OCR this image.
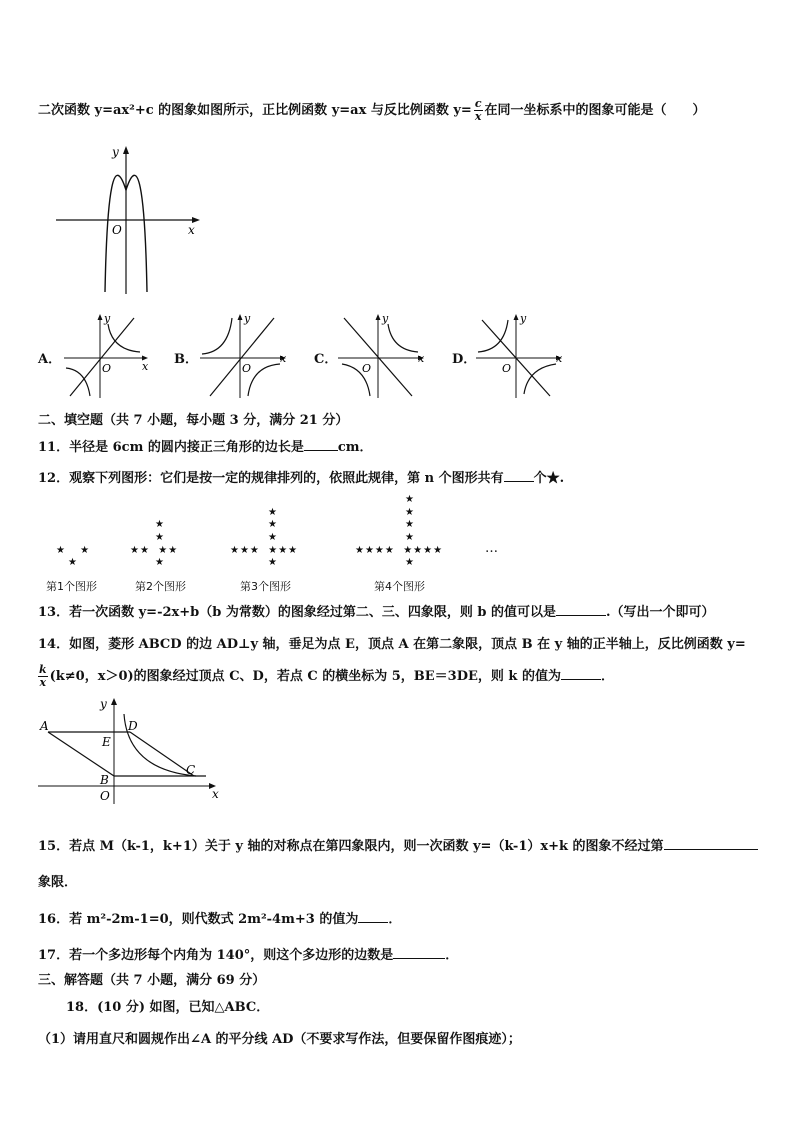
二次函数 y=ax²+c 的图象如图所示，正比例函数 y=ax 与反比例函数 $y= \frac{c}{x}$ 在同一坐标系中的图象可能是（　　）
y
x
O
A．
y
x
O
B．
y
x
O
C．
y
x
O
D．
y
x
O
二、填空题（共 7 小题，每小题 3 分，满分 21 分）
11．半径是 6cm 的圆内接正三角形的边长是	cm．
12．观察下列图形：它们是按一定的规律排列的，依照此规律，第 n 个图形共有 个★.
★ ★
★
第1个图形
★
★
★★  ★★
★
第2个图形
★
★
★
★★★  ★★★
★
第3个图形
★
★
★
★
★★★★  ★★★★
★
第4个图形
…
13．若一次函数 y=-2x+b（b 为常数）的图象经过第二、三、四象限，则 b 的值可以是	.（写出一个即可）
14．如图，菱形 ABCD 的边 AD⊥y 轴，垂足为点 E，顶点 A 在第二象限，顶点 B 在 y 轴的正半轴上，反比例函数 y=
$\frac{k}{x} (k\ne 0$，x＞0)的图象经过顶点 C、D，若点 C 的横坐标为 5，BE＝3DE，则 k 的值为	．
A	D
E
B
C
O	x
y
15．若点 M（k-1，k+1）关于 y 轴的对称点在第四象限内，则一次函数 y=（k-1）x+k 的图象不经过第
象限．
16．若 m²-2m-1=0，则代数式 2m²-4m+3 的值为 ．
17．若一个多边形每个内角为 140°，则这个多边形的边数是	．
三、解答题（共 7 小题，满分 69 分）
18．(10 分) 如图，已知△ABC．
（1）请用直尺和圆规作出∠A 的平分线 AD（不要求写作法，但要保留作图痕迹）；
